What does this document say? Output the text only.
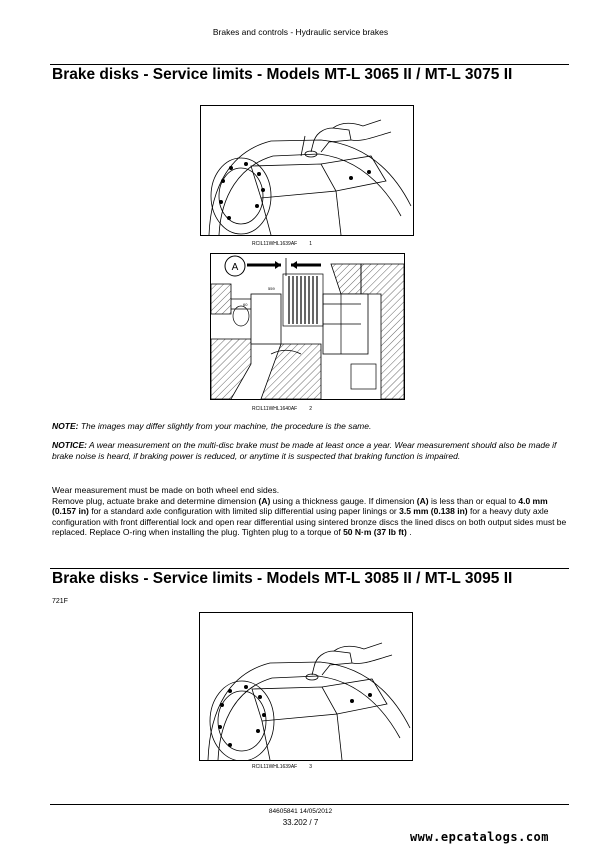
Brakes and controls - Hydraulic service brakes
Brake disks - Service limits - Models MT-L 3065 II / MT-L 3075 II
RCIL11WHL1639AF 1
A
559
60
RCIL11WHL1640AF 2
NOTE: The images may differ slightly from your machine, the procedure is the same.
NOTICE: A wear measurement on the multi-disc brake must be made at least once a year. Wear measurement should also be made if brake noise is heard, if braking power is reduced, or anytime it is suspected that braking function is impaired.
Wear measurement must be made on both wheel end sides.
Remove plug, actuate brake and determine dimension (A) using a thickness gauge. If dimension (A) is less than or equal to 4.0 mm (0.157 in) for a standard axle configuration with limited slip differential using paper linings or 3.5 mm (0.138 in) for a heavy duty axle configuration with front differential lock and open rear differential using sintered bronze discs the lined discs on both output sides must be replaced. Replace O-ring when installing the plug. Tighten plug to a torque of 50 N·m (37 lb ft) .
Brake disks - Service limits - Models MT-L 3085 II / MT-L 3095 II
721F
RCIL11WHL1639AF 3
84605841 14/05/2012
33.202 / 7
www.epcatalogs.com
